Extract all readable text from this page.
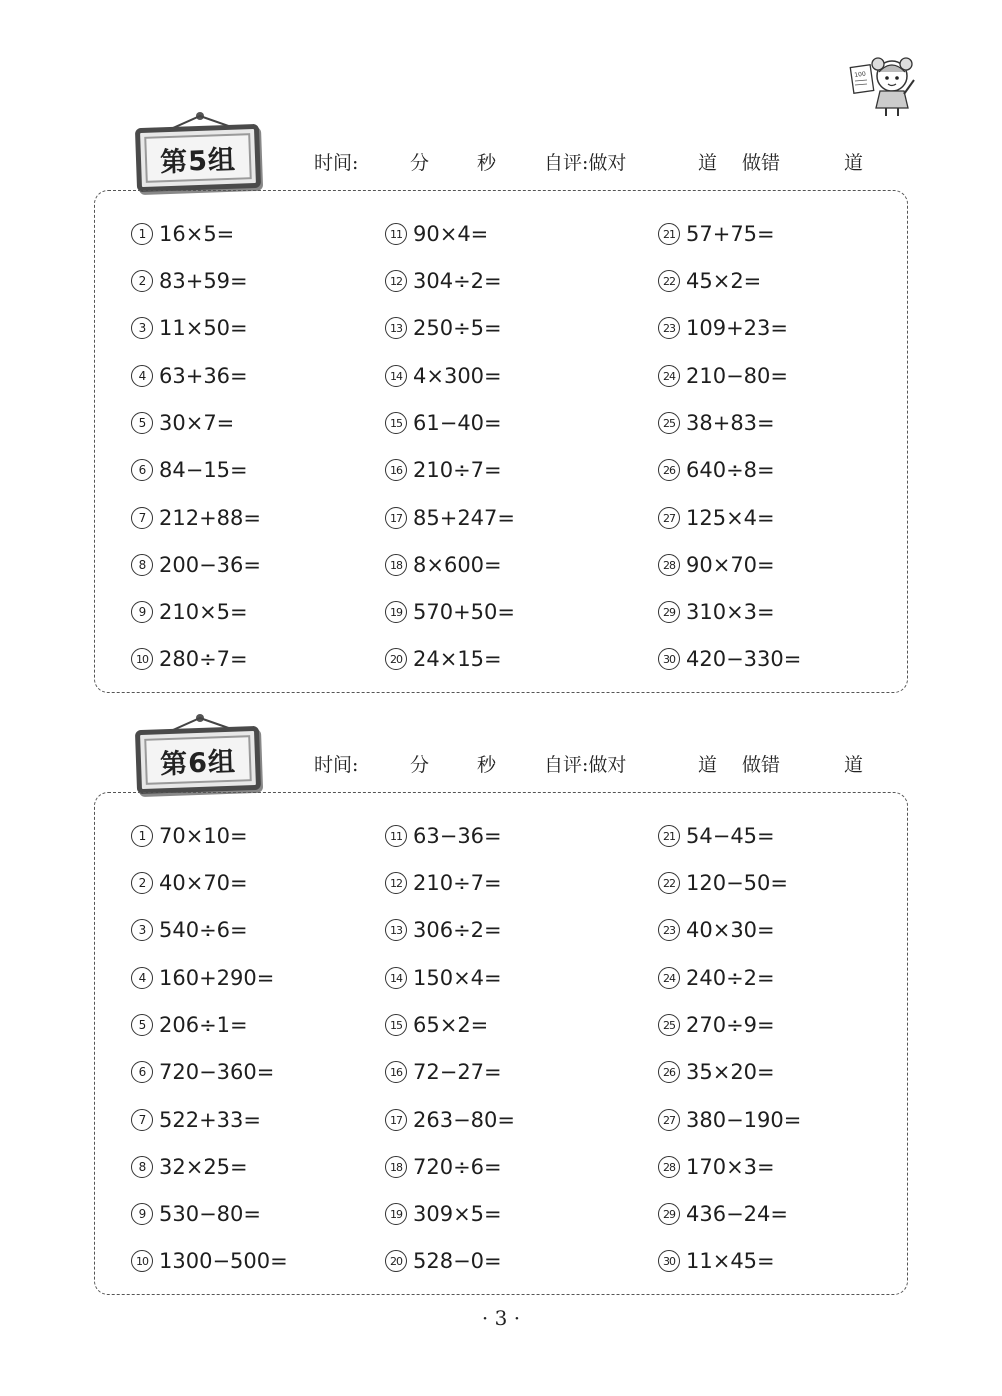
100
第5组	时间:	分	秒	自评:做对	道 做错	道
1 16×5=
2 83+59=
3 11×50=
4 63+36=
5 30×7=
6 84−15=
7 212+88=
8 200−36=
9 210×5=
10 280÷7=
11 90×4=
12 304÷2=
13 250÷5=
14 4×300=
15 61−40=
16 210÷7=
17 85+247=
18 8×600=
19 570+50=
20 24×15=
21 57+75=
22 45×2=
23 109+23=
24 210−80=
25 38+83=
26 640÷8=
27 125×4=
28 90×70=
29 310×3=
30 420−330=
第6组	时间:	分	秒	自评:做对	道 做错	道
1 70×10=
2 40×70=
3 540÷6=
4 160+290=
5 206÷1=
6 720−360=
7 522+33=
8 32×25=
9 530−80=
10 1300−500=
11 63−36=
12 210÷7=
13 306÷2=
14 150×4=
15 65×2=
16 72−27=
17 263−80=
18 720÷6=
19 309×5=
20 528−0=
21 54−45=
22 120−50=
23 40×30=
24 240÷2=
25 270÷9=
26 35×20=
27 380−190=
28 170×3=
29 436−24=
30 11×45=
· 3 ·
